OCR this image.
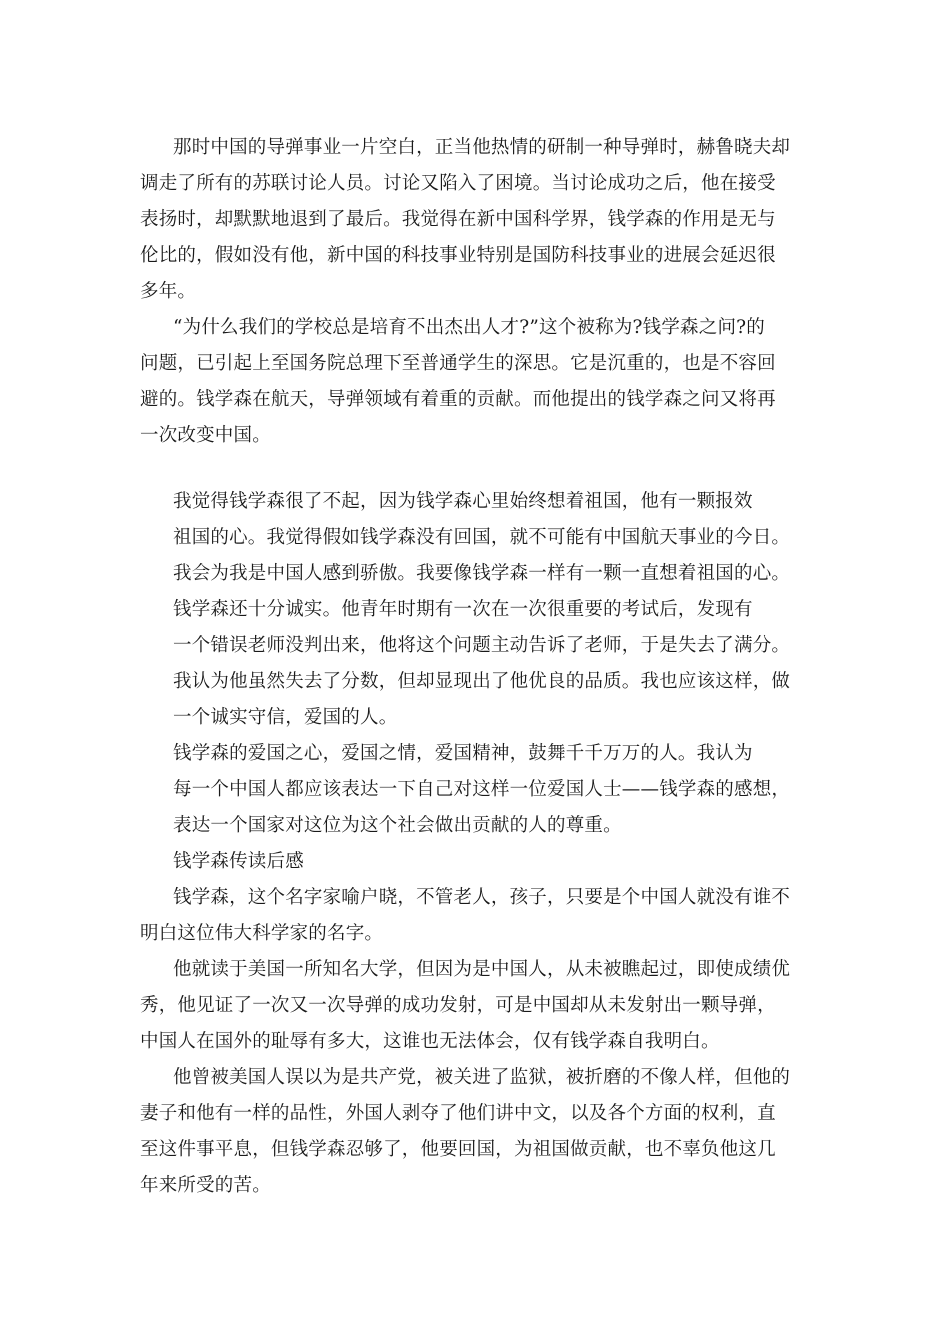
那时中国的导弹事业一片空白，正当他热情的研制一种导弹时，赫鲁晓夫却
调走了所有的苏联讨论人员。讨论又陷入了困境。当讨论成功之后，他在接受
表扬时，却默默地退到了最后。我觉得在新中国科学界，钱学森的作用是无与
伦比的，假如没有他，新中国的科技事业特别是国防科技事业的进展会延迟很
多年。
“为什么我们的学校总是培育不出杰出人才?”这个被称为?钱学森之问?的
问题，已引起上至国务院总理下至普通学生的深思。它是沉重的，也是不容回
避的。钱学森在航天，导弹领域有着重的贡献。而他提出的钱学森之问又将再
一次改变中国。
我觉得钱学森很了不起，因为钱学森心里始终想着祖国，他有一颗报效
祖国的心。我觉得假如钱学森没有回国，就不可能有中国航天事业的今日。
我会为我是中国人感到骄傲。我要像钱学森一样有一颗一直想着祖国的心。
钱学森还十分诚实。他青年时期有一次在一次很重要的考试后，发现有
一个错误老师没判出来，他将这个问题主动告诉了老师，于是失去了满分。
我认为他虽然失去了分数，但却显现出了他优良的品质。我也应该这样，做
一个诚实守信，爱国的人。
钱学森的爱国之心，爱国之情，爱国精神，鼓舞千千万万的人。我认为
每一个中国人都应该表达一下自己对这样一位爱国人士——钱学森的感想，
表达一个国家对这位为这个社会做出贡献的人的尊重。
钱学森传读后感
钱学森，这个名字家喻户晓，不管老人，孩子，只要是个中国人就没有谁不
明白这位伟大科学家的名字。
他就读于美国一所知名大学，但因为是中国人，从未被瞧起过，即使成绩优
秀，他见证了一次又一次导弹的成功发射，可是中国却从未发射出一颗导弹，
中国人在国外的耻辱有多大，这谁也无法体会，仅有钱学森自我明白。
他曾被美国人误以为是共产党，被关进了监狱，被折磨的不像人样，但他的
妻子和他有一样的品性，外国人剥夺了他们讲中文，以及各个方面的权利，直
至这件事平息，但钱学森忍够了，他要回国，为祖国做贡献，也不辜负他这几
年来所受的苦。
